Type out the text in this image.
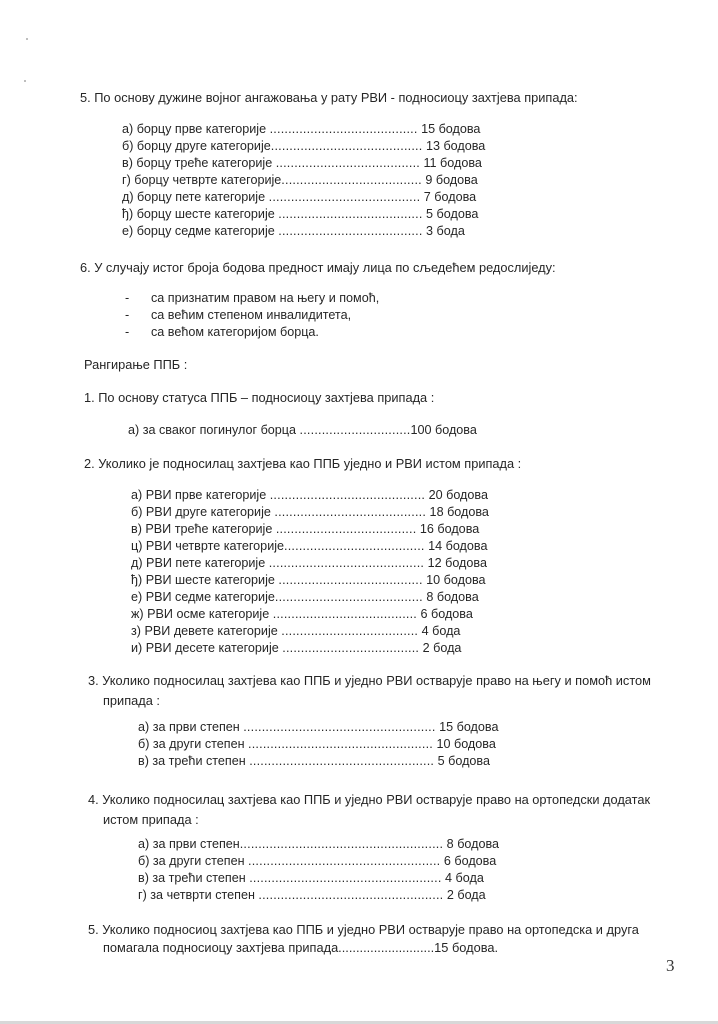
5. По основу дужине војног ангажовања у рату РВИ - подносиоцу захтјева припада:
а) борцу прве категорије ........................................ 15 бодова
б) борцу друге категорије......................................... 13 бодова
в) борцу треће категорије ....................................... 11 бодова
г) борцу четврте категорије...................................... 9 бодова
д) борцу пете категорије ......................................... 7 бодова
ђ) борцу шесте категорије ....................................... 5 бодова
е) борцу седме категорије ....................................... 3 бода
6. У случају истог броја бодова предност имају лица по сљедећем редослиједу:
- са признатим правом на његу и помоћ,
- са већим степеном инвалидитета,
- са већом категоријом борца.
Рангирање ППБ :
1. По основу статуса ППБ – подносиоцу захтјева припада :
а) за сваког погинулог борца ..............................100 бодова
2. Уколико је подносилац захтјева као ППБ уједно и РВИ истом припада :
а) РВИ прве категорије .......................................... 20 бодова
б) РВИ друге категорије ......................................... 18 бодова
в) РВИ треће категорије ...................................... 16 бодова
ц) РВИ четврте категорије...................................... 14 бодова
д) РВИ пете категорије .......................................... 12 бодова
ђ) РВИ шесте категорије ....................................... 10 бодова
е) РВИ седме категорије........................................ 8 бодова
ж) РВИ осме категорије ....................................... 6 бодова
з) РВИ девете категорије ..................................... 4 бода
и) РВИ десете категорије ..................................... 2 бода
3. Уколико подносилац захтјева као ППБ и уједно РВИ остварује право на његу и помоћ истом
припада :
а) за први степен .................................................... 15 бодова
б) за други степен .................................................. 10 бодова
в) за трећи степен .................................................. 5 бодова
4. Уколико подносилац захтјева као ППБ и уједно РВИ остварује право на ортопедски додатак
истом припада :
а) за први степен....................................................... 8 бодова
б) за други степен .................................................... 6 бодова
в) за трећи степен .................................................... 4 бода
г) за четврти степен .................................................. 2 бода
5. Уколико подносиоц захтјева као ППБ и уједно РВИ остварује право на ортопедска и друга
помагала подносиоцу захтјева припада...........................15 бодова.
3
